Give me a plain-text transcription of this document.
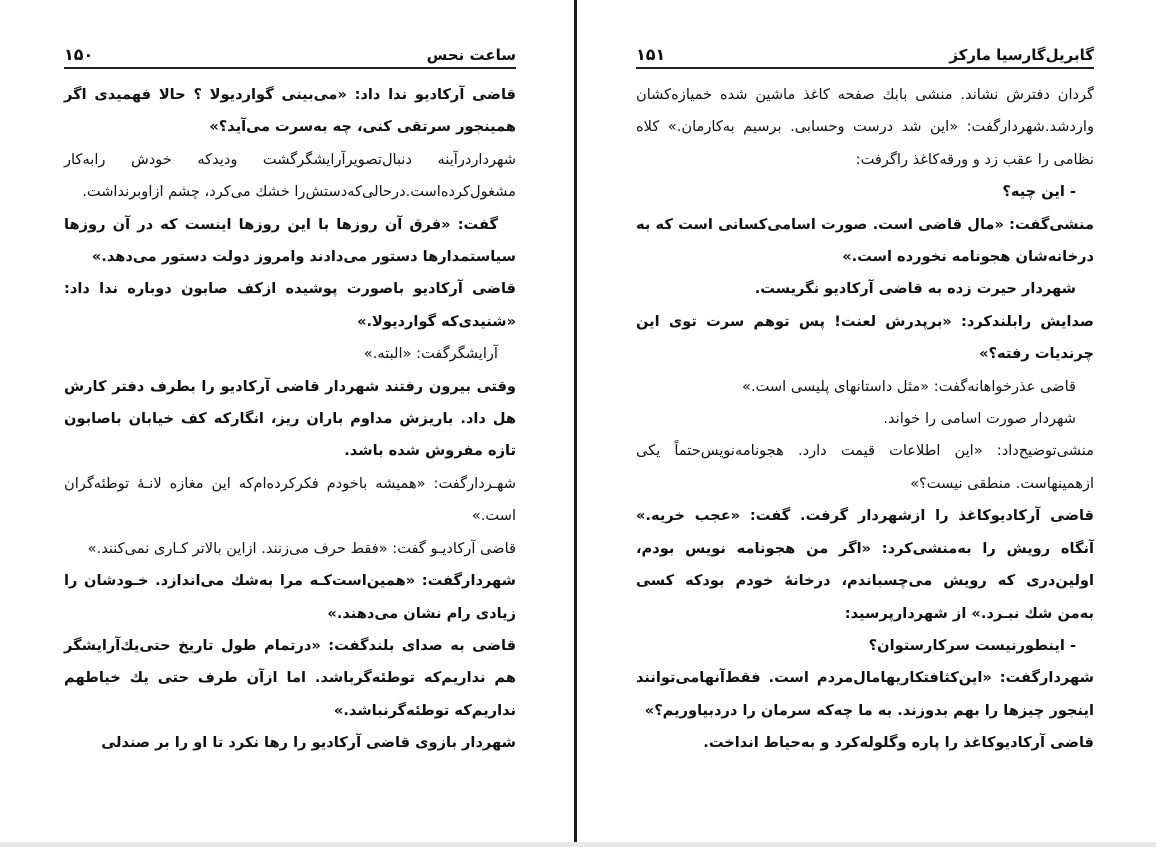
ساعت نحس
۱۵۰

قاضی آرکادیو ندا داد: «می‌بینی گواردیولا ؟ حالا فهمیدی اگر همینجور سرتقی کنی، چه به‌سرت می‌آید؟»

شهرداردرآینه دنبال‌تصویرآرایشگرگشت ودیدکه خودش رابه‌کار مشغول‌کرده‌است.درحالی‌که‌دستش‌را خشك می‌کرد، چشم ازاوبرنداشت.

گفت: «فرق آن روزها با این روزها اینست که در آن روزها سیاستمدارها دستور می‌دادند وامروز دولت دستور می‌دهد.»

قاضی آرکادیو باصورت پوشیده ازکف صابون دوباره ندا داد: «شنیدی‌که گواردیولا.»

آرایشگرگفت: «البته.»

وقتی بیرون رفتند شهردار قاضی آرکادیو را بطرف دفتر کارش هل داد. باریزش مداوم باران ریز، انگارکه کف خیابان باصابون تازه مفروش شده باشد.

شهـردارگفت: «همیشه باخودم فکرکرده‌ام‌که این مغازه لانـهٔ توطئه‌گران است.»

قاضی آرکادیـو گفت: «فقط حرف می‌زنند. ازاین بالاتر کـاری نمی‌کنند.»

شهردارگفت: «همین‌است‌کـه مرا به‌شك می‌اندازد. خـودشان را زیادی رام نشان می‌دهند.»

قاضی به صدای بلندگفت: «درتمام طول تاریخ حتی‌یك‌آرایشگر هم نداریم‌که توطئه‌گرباشد. اما ازآن طرف حتی یك خیاطهم نداریم‌که توطئه‌گرنباشد.»

شهردار بازوی قاضی آرکادیو را رها نکرد تا او را بر صندلی

گابریل‌گارسیا مارکز
۱۵۱

گردان دفترش نشاند. منشی بابك صفحه کاغذ ماشین شده خمیازه‌کشان واردشد.شهردارگفت: «این شد درست وحسابی. برسیم به‌کارمان.» کلاه نظامی را عقب زد و ورقه‌کاغذ راگرفت:

- این چیه؟

منشی‌گفت: «مال قاضی است. صورت اسامی‌کسانی است که به درخانه‌شان هجونامه نخورده است.»

شهردار حیرت زده به قاضی آرکادیو نگریست.

صدایش رابلندکرد: «برپدرش لعنت! پس توهم سرت توی این چرندیات رفته؟»

قاضی عذرخواهانه‌گفت: «مثل داستانهای پلیسی است.»

شهردار صورت اسامی را خواند.

منشی‌توضیح‌داد: «این اطلاعات قیمت دارد. هجونامه‌نویس‌حتماً یکی ازهمینهاست. منطقی نیست؟»

قاضی آرکادیوکاغذ را ازشهردار گرفت. گفت: «عجب خریه.» آنگاه رویش را به‌منشی‌کرد: «اگر من هجونامه نویس بودم، اولین‌دری که رویش می‌چسباندم، درخانهٔ خودم بودکه کسی به‌من شك نبـرد.» از شهردارپرسید:

- اینطورنیست سرکارستوان؟

شهردارگفت: «این‌کثافتکاریهامال‌مردم است. فقط‌آنهامی‌توانند اینجور چیزها را بهم بدوزند. به ما چه‌که سرمان را دردبیاوریم؟»

قاضی آرکادیوکاغذ را پاره وگلوله‌کرد و به‌حیاط انداخت.
